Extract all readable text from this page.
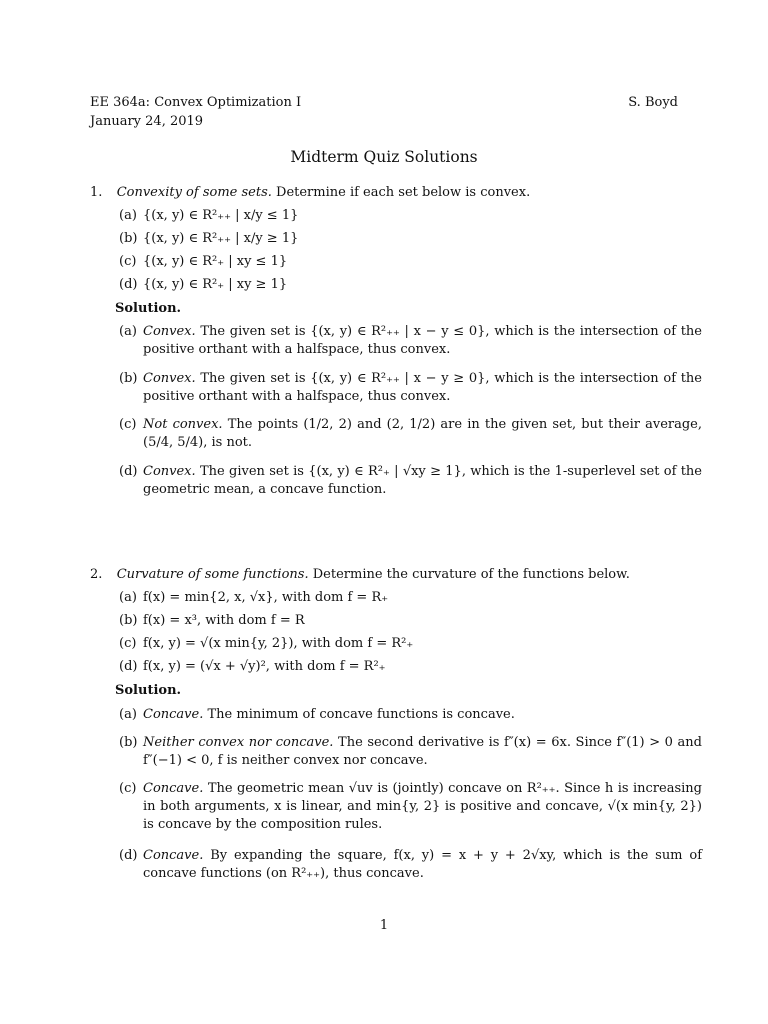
EE 364a: Convex Optimization I
January 24, 2019
S. Boyd
Midterm Quiz Solutions
1. Convexity of some sets. Determine if each set below is convex.
(a) {(x, y) ∈ R²₊₊ | x/y ≤ 1}
(b) {(x, y) ∈ R²₊₊ | x/y ≥ 1}
(c) {(x, y) ∈ R²₊ | xy ≤ 1}
(d) {(x, y) ∈ R²₊ | xy ≥ 1}
Solution.
(a) Convex. The given set is {(x, y) ∈ R²₊₊ | x − y ≤ 0}, which is the intersection of the positive orthant with a halfspace, thus convex.
(b) Convex. The given set is {(x, y) ∈ R²₊₊ | x − y ≥ 0}, which is the intersection of the positive orthant with a halfspace, thus convex.
(c) Not convex. The points (1/2, 2) and (2, 1/2) are in the given set, but their average, (5/4, 5/4), is not.
(d) Convex. The given set is {(x, y) ∈ R²₊ | √xy ≥ 1}, which is the 1-superlevel set of the geometric mean, a concave function.
2. Curvature of some functions. Determine the curvature of the functions below.
(a) f(x) = min{2, x, √x}, with dom f = R₊
(b) f(x) = x³, with dom f = R
(c) f(x, y) = √(x min{y, 2}), with dom f = R²₊
(d) f(x, y) = (√x + √y)², with dom f = R²₊
Solution.
(a) Concave. The minimum of concave functions is concave.
(b) Neither convex nor concave. The second derivative is f″(x) = 6x. Since f″(1) > 0 and f″(−1) < 0, f is neither convex nor concave.
(c) Concave. The geometric mean √uv is (jointly) concave on R²₊₊. Since h is increasing in both arguments, x is linear, and min{y, 2} is positive and concave, √(x min{y, 2}) is concave by the composition rules.
(d) Concave. By expanding the square, f(x, y) = x + y + 2√xy, which is the sum of concave functions (on R²₊₊), thus concave.
1
